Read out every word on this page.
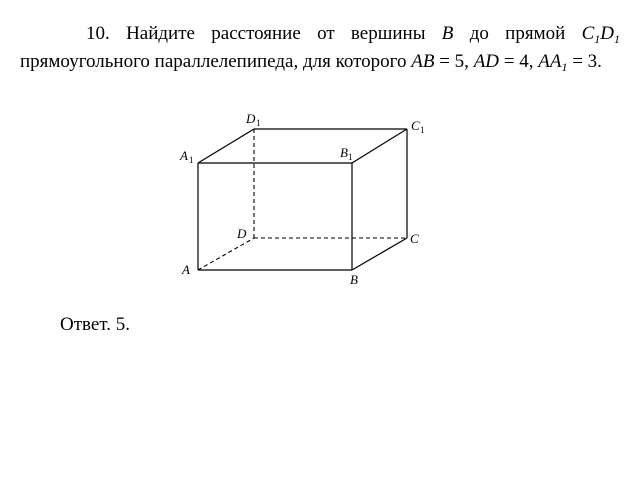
10. Найдите расстояние от вершины B до прямой $C_1D_1$ прямоугольного параллелепипеда, для которого AB = 5, AD = 4, $AA_1 = 3$.
A
B
C
D
A 1	B 1
C 1
D 1
Ответ. 5.
